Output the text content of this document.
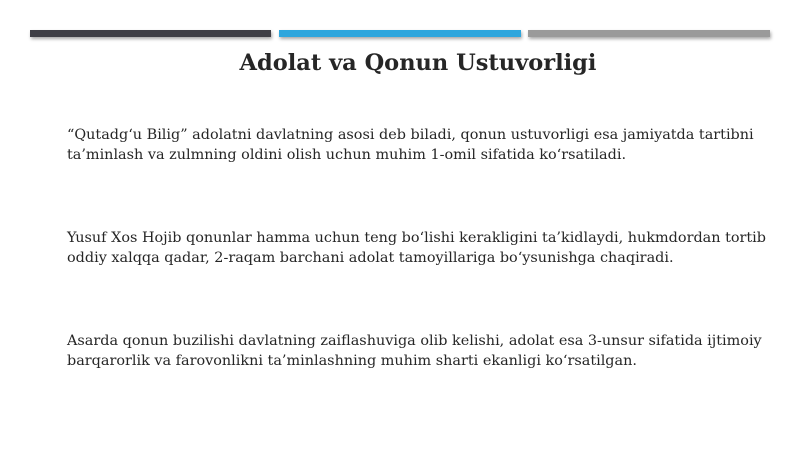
Adolat va Qonun Ustuvorligi
“Qutadg‘u Bilig” adolatni davlatning asosi deb biladi, qonun ustuvorligi esa jamiyatda tartibni ta’minlash va zulmning oldini olish uchun muhim 1-omil sifatida ko‘rsatiladi.
Yusuf Xos Hojib qonunlar hamma uchun teng bo‘lishi kerakligini ta’kidlaydi, hukmdordan tortib oddiy xalqqa qadar, 2-raqam barchani adolat tamoyillariga bo‘ysunishga chaqiradi.
Asarda qonun buzilishi davlatning zaiflashuviga olib kelishi, adolat esa 3-unsur sifatida ijtimoiy barqarorlik va farovonlikni ta’minlashning muhim sharti ekanligi ko‘rsatilgan.
